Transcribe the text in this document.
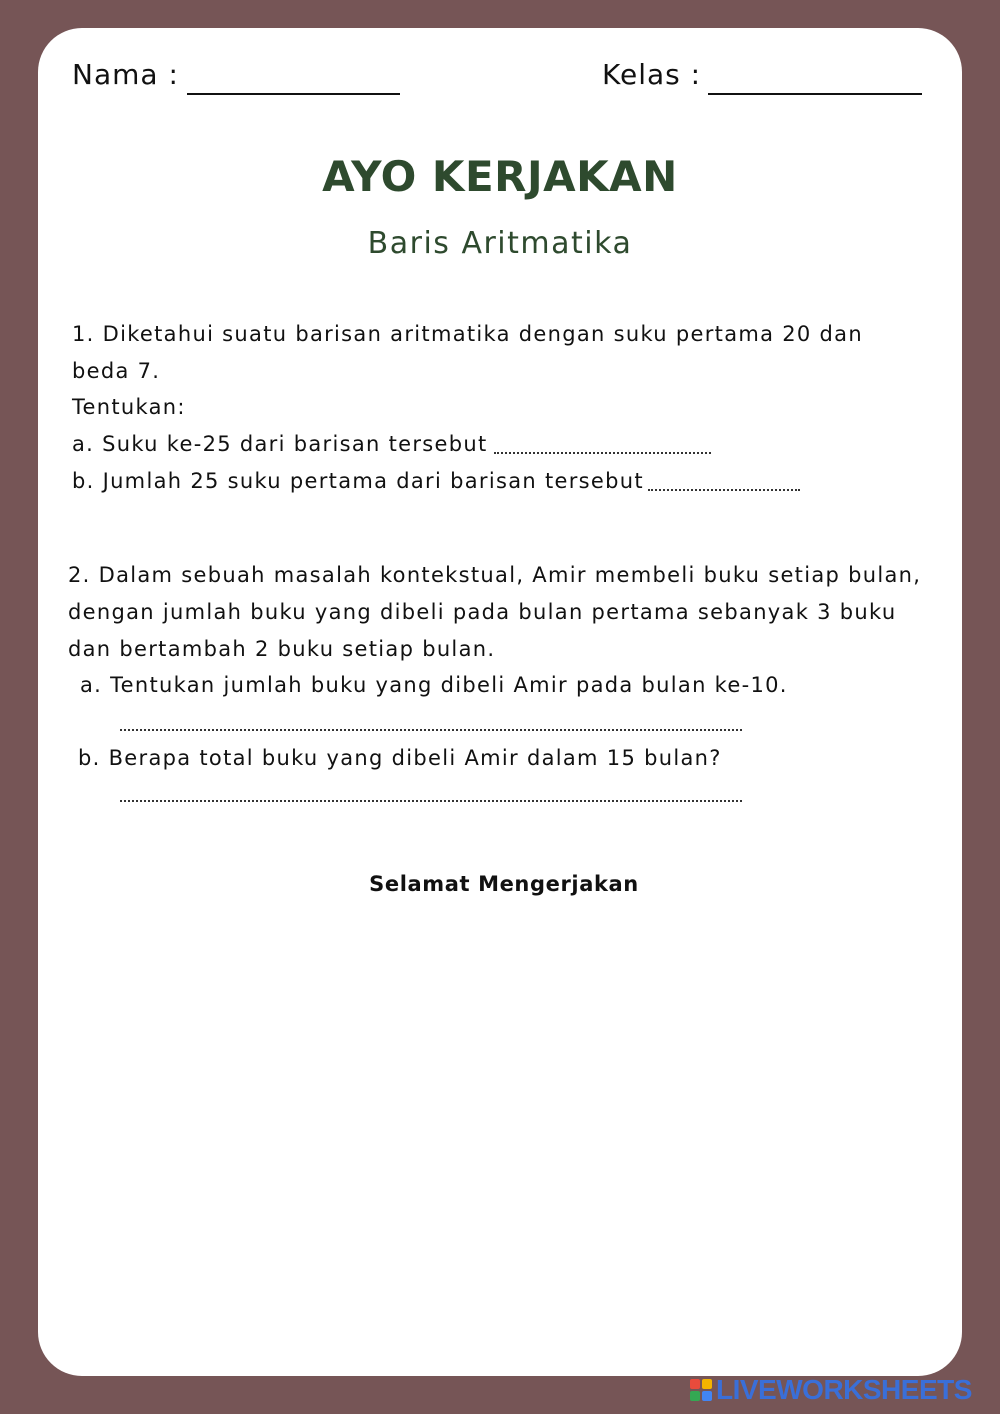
Nama :	Kelas :
AYO KERJAKAN
Baris Aritmatika
1. Diketahui suatu barisan aritmatika dengan suku pertama 20 dan
beda 7.
Tentukan:
a. Suku ke-25 dari barisan tersebut
b. Jumlah 25 suku pertama dari barisan tersebut
2. Dalam sebuah masalah kontekstual, Amir membeli buku setiap bulan,
dengan jumlah buku yang dibeli pada bulan pertama sebanyak 3 buku
dan bertambah 2 buku setiap bulan.
a. Tentukan jumlah buku yang dibeli Amir pada bulan ke-10.
b. Berapa total buku yang dibeli Amir dalam 15 bulan?
Selamat Mengerjakan
LIVEWORKSHEETS
